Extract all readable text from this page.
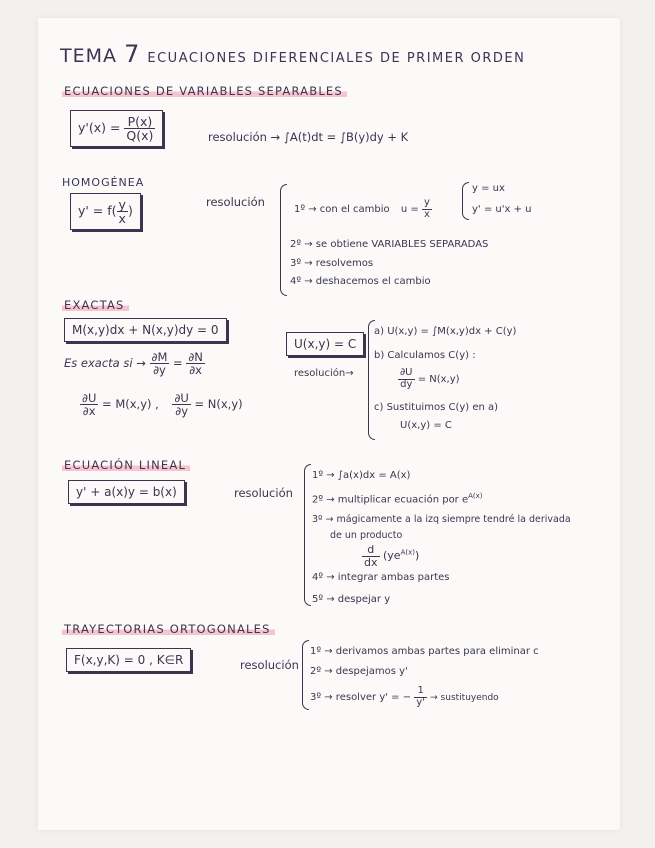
TEMA 7 ECUACIONES DIFERENCIALES DE PRIMER ORDEN
ECUACIONES DE VARIABLES SEPARABLES
$y'(x) = \frac{P(x)}{Q(x)}$	resolución → ∫A(t)dt = ∫B(y)dy + K
HOMOGÉNEA
$y' = f( \frac{y}{x}$ )
resolución
1º → con el cambio $u = \frac{y}{x}$
y = ux
y' = u'x + u
2º → se obtiene VARIABLES SEPARADAS
3º → resolvemos
4º → deshacemos el cambio
EXACTAS
M(x,y)dx + N(x,y)dy = 0
Es exacta si → $\frac{\partial M}{\partial y} = \frac{\partial N}{\partial x}$
$\frac{\partial U}{\partial x} = M(x,y)$ , $\frac{\partial U}{\partial y} = N(x,y)$
U(x,y) = C
resolución→
a) U(x,y) = ∫M(x,y)dx + C(y)
b) Calculamos C(y) :
$\frac{\partial U}{dy} = N(x,y)$
c) Sustituimos C(y) en a)
U(x,y) = C
ECUACIÓN LINEAL
y' + a(x)y = b(x)	resolución
1º → ∫a(x)dx = A(x)
2º → multiplicar ecuación por $e^{A(x)}$
3º → mágicamente a la izq siempre tendré la derivada
de un producto
$\frac{d}{dx} (ye^{A(x)})$
4º → integrar ambas partes
5º → despejar y
TRAYECTORIAS ORTOGONALES
F(x,y,K) = 0 , K∈R	resolución
1º → derivamos ambas partes para eliminar c
2º → despejamos y'
3º → resolver y' = − $\frac{1}{y'}$ → sustituyendo
